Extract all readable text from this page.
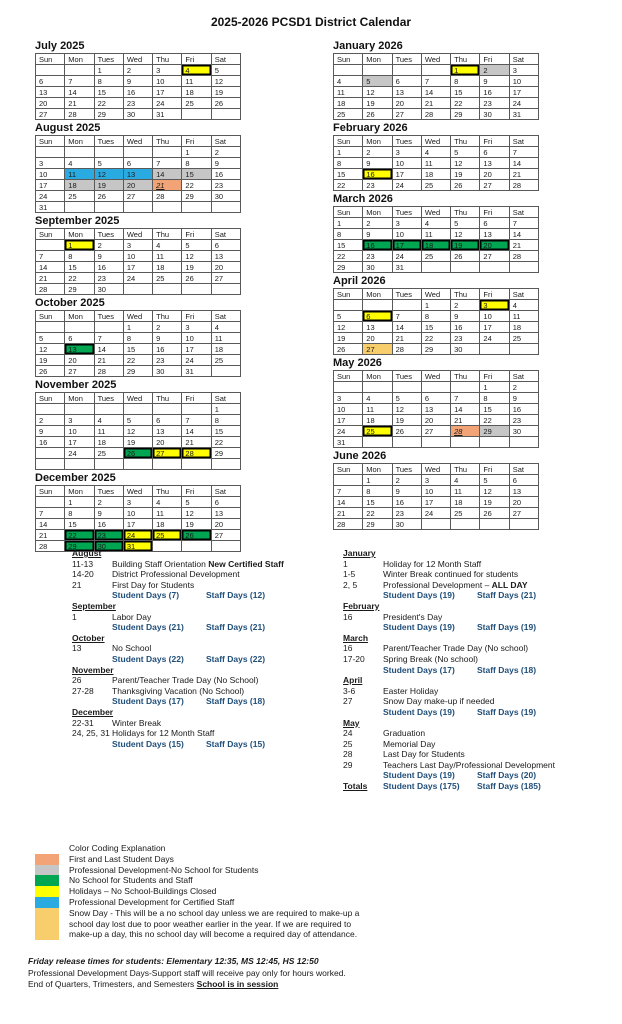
2025-2026 PCSD1 District Calendar
July 2025
Sun	Mon	Tues	Wed	Thu	Fri	Sat
		1	2	3	4	5
6	7	8	9	10	11	12
13	14	15	16	17	18	19
20	21	22	23	24	25	26
27	28	29	30	31		
August 2025
Sun	Mon	Tues	Wed	Thu	Fri	Sat
					1	2
3	4	5	6	7	8	9
10	11	12	13	14	15	16
17	18	19	20	21	22	23
24	25	26	27	28	29	30
31						
September 2025
Sun	Mon	Tues	Wed	Thu	Fri	Sat
	1	2	3	4	5	6
7	8	9	10	11	12	13
14	15	16	17	18	19	20
21	22	23	24	25	26	27
28	29	30				
October 2025
Sun	Mon	Tues	Wed	Thu	Fri	Sat
			1	2	3	4
5	6	7	8	9	10	11
12	13	14	15	16	17	18
19	20	21	22	23	24	25
26	27	28	29	30	31	
November 2025
Sun	Mon	Tues	Wed	Thu	Fri	Sat
						1
2	3	4	5	6	7	8
9	10	11	12	13	14	15
16	17	18	19	20	21	22
	24	25	26	27	28	29

December 2025
Sun	Mon	Tues	Wed	Thu	Fri	Sat
	1	2	3	4	5	6
7	8	9	10	11	12	13
14	15	16	17	18	19	20
21	22	23	24	25	26	27
28	29	30	31			
January 2026
Sun	Mon	Tues	Wed	Thu	Fri	Sat
				1	2	3
4	5	6	7	8	9	10
11	12	13	14	15	16	17
18	19	20	21	22	23	24
25	26	27	28	29	30	31
February 2026
Sun	Mon	Tues	Wed	Thu	Fri	Sat
1	2	3	4	5	6	7
8	9	10	11	12	13	14
15	16	17	18	19	20	21
22	23	24	25	26	27	28
March 2026
Sun	Mon	Tues	Wed	Thu	Fri	Sat
1	2	3	4	5	6	7
8	9	10	11	12	13	14
15	16	17	18	19	20	21
22	23	24	25	26	27	28
29	30	31				
April 2026
Sun	Mon	Tues	Wed	Thu	Fri	Sat
			1	2	3	4
5	6	7	8	9	10	11
12	13	14	15	16	17	18
19	20	21	22	23	24	25
26	27	28	29	30		
May 2026
Sun	Mon	Tues	Wed	Thu	Fri	Sat
					1	2
3	4	5	6	7	8	9
10	11	12	13	14	15	16
17	18	19	20	21	22	23
24	25	26	27	28	29	30
31						
June 2026
Sun	Mon	Tues	Wed	Thu	Fri	Sat
	1	2	3	4	5	6
7	8	9	10	11	12	13
14	15	16	17	18	19	20
21	22	23	24	25	26	27
28	29	30				
August
11-13	Building Staff Orientation New Certified Staff
14-20	District Professional Development
21	First Day for Students
Student Days (7)	Staff Days (12)
September
1	Labor Day
Student Days (21)	Staff Days (21)
October
13	No School
Student Days (22)	Staff Days (22)
November
26	Parent/Teacher Trade Day (No School)
27-28	Thanksgiving Vacation (No School)
Student Days (17)	Staff Days (18)
December
22-31	Winter Break
24, 25, 31 Holidays for 12 Month Staff
Student Days (15)	Staff Days (15)
January
1	Holiday for 12 Month Staff
1-5	Winter Break continued for students
2, 5	Professional Development – ALL DAY
Student Days (19)	Staff Days (21)
February
16	President's Day
Student Days (19)	Staff Days (19)
March
16	Parent/Teacher Trade Day (No school)
17-20	Spring Break (No school)
Student Days (17)	Staff Days (18)
April
3-6	Easter Holiday
27	Snow Day make-up if needed
Student Days (19)	Staff Days (19)
May
24	Graduation
25	Memorial Day
28	Last Day for Students
29	Teachers Last Day/Professional Development
Student Days (19)	Staff Days (20)
Totals	Student Days (175)	Staff Days (185)
Color Coding Explanation
First and Last Student Days
Professional Development-No School for Students
No School for Students and Staff
Holidays – No School-Buildings Closed
Professional Development for Certified Staff
Snow Day - This will be a no school day unless we are required to make-up a school day lost due to poor weather earlier in the year. If we are required to make-up a day, this no school day will become a required day of attendance.
Friday release times for students: Elementary 12:35, MS 12:45, HS 12:50
Professional Development Days-Support staff will receive pay only for hours worked.
End of Quarters, Trimesters, and Semesters School is in session
